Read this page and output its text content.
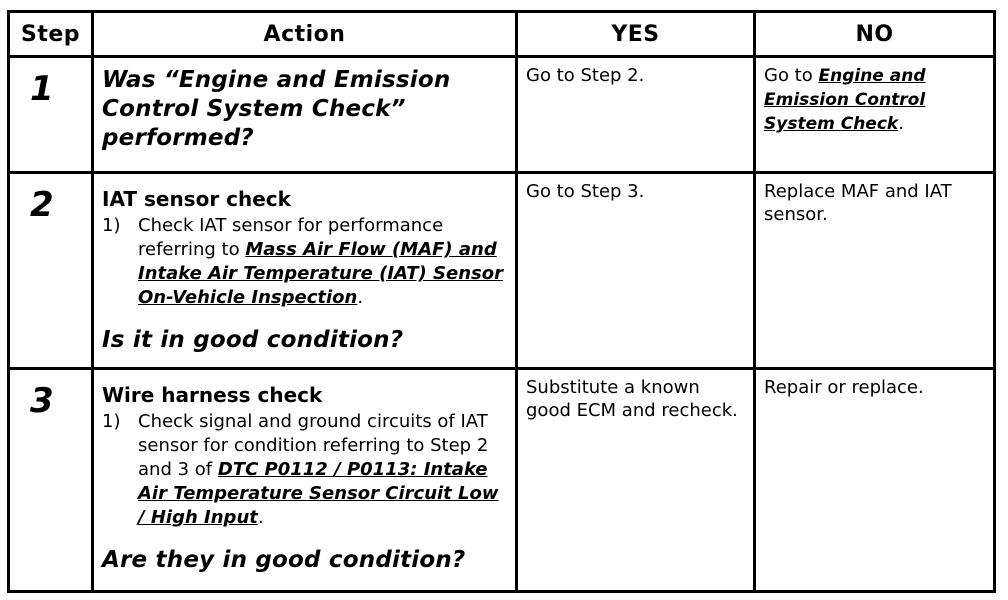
Step	Action	YES	NO

1	Was “Engine and Emission Control System Check” performed?	Go to Step 2.	Go to Engine and Emission Control System Check.

2	IAT sensor check
1) Check IAT sensor for performance referring to Mass Air Flow (MAF) and Intake Air Temperature (IAT) Sensor On-Vehicle Inspection.
Is it in good condition?	Go to Step 3.	Replace MAF and IAT sensor.

3	Wire harness check
1) Check signal and ground circuits of IAT sensor for condition referring to Step 2 and 3 of DTC P0112 / P0113: Intake Air Temperature Sensor Circuit Low / High Input.
Are they in good condition?	Substitute a known good ECM and recheck.	Repair or replace.
